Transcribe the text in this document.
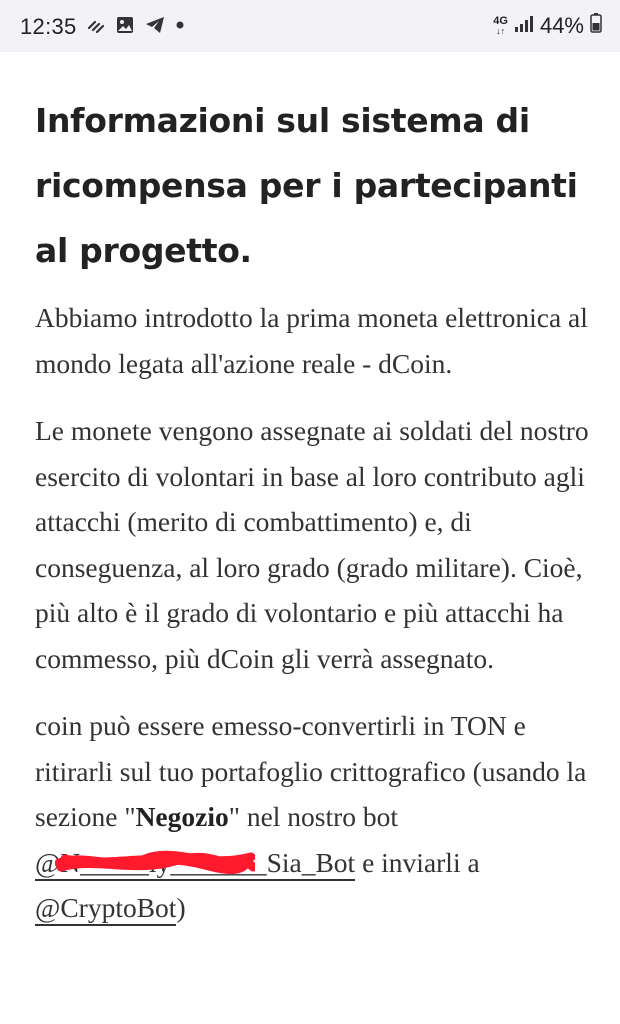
12:35	4G
↓↑ 44%
Informazioni sul sistema di ricompensa per i partecipanti al progetto.

Abbiamo introdotto la prima moneta elettronica al mondo legata all'azione reale - dCoin.

Le monete vengono assegnate ai soldati del nostro esercito di volontari in base al loro contributo agli attacchi (merito di combattimento) e, di conseguenza, al loro grado (grado militare). Cioè, più alto è il grado di volontario e più attacchi ha commesso, più dCoin gli verrà assegnato.

coin può essere emesso-convertirli in TON e ritirarli sul tuo portafoglio crittografico (usando la sezione "Negozio" nel nostro bot @N_____ly_______Sia_Bot
e inviarli a @CryptoBot)
